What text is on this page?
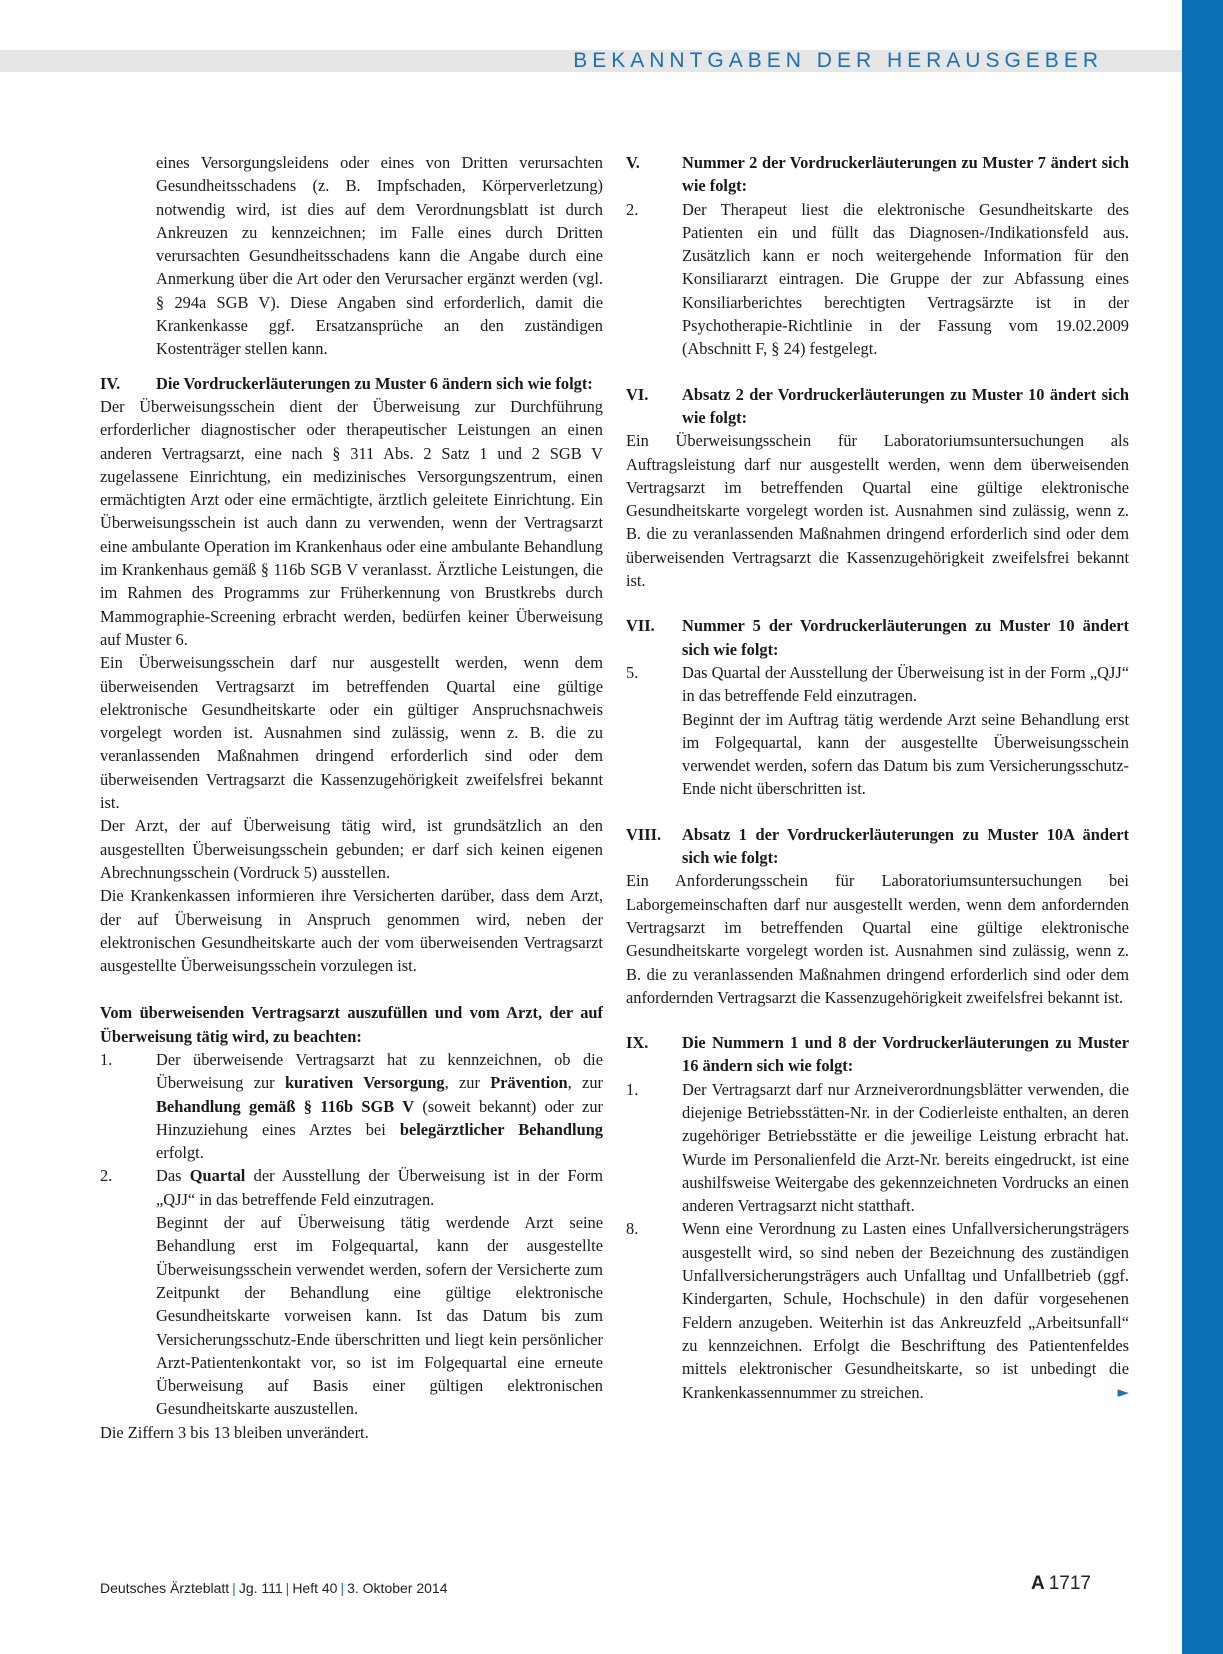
BEKANNTGABEN DER HERAUSGEBER

eines Versorgungsleidens oder eines von Dritten verursachten Gesundheitsschadens (z. B. Impfschaden, Körperverletzung) notwendig wird, ist dies auf dem Verordnungsblatt ist durch Ankreuzen zu kennzeichnen; im Falle eines durch Dritten verursachten Gesundheitsschadens kann die Angabe durch eine Anmerkung über die Art oder den Verursacher ergänzt werden (vgl. § 294a SGB V). Diese Angaben sind erforderlich, damit die Krankenkasse ggf. Ersatzansprüche an den zuständigen Kostenträger stellen kann.

IV. Die Vordruckerläuterungen zu Muster 6 ändern sich wie folgt:

Der Überweisungsschein dient der Überweisung zur Durchführung erforderlicher diagnostischer oder therapeutischer Leistungen an einen anderen Vertragsarzt, eine nach § 311 Abs. 2 Satz 1 und 2 SGB V zugelassene Einrichtung, ein medizinisches Versorgungszentrum, einen ermächtigten Arzt oder eine ermächtigte, ärztlich geleitete Einrichtung. Ein Überweisungsschein ist auch dann zu verwenden, wenn der Vertragsarzt eine ambulante Operation im Krankenhaus oder eine ambulante Behandlung im Krankenhaus gemäß § 116b SGB V veranlasst. Ärztliche Leistungen, die im Rahmen des Programms zur Früherkennung von Brustkrebs durch Mammographie-Screening erbracht werden, bedürfen keiner Überweisung auf Muster 6.

Ein Überweisungsschein darf nur ausgestellt werden, wenn dem überweisenden Vertragsarzt im betreffenden Quartal eine gültige elektronische Gesundheitskarte oder ein gültiger Anspruchsnachweis vorgelegt worden ist. Ausnahmen sind zulässig, wenn z. B. die zu veranlassenden Maßnahmen dringend erforderlich sind oder dem überweisenden Vertragsarzt die Kassenzugehörigkeit zweifelsfrei bekannt ist.

Der Arzt, der auf Überweisung tätig wird, ist grundsätzlich an den ausgestellten Überweisungsschein gebunden; er darf sich keinen eigenen Abrechnungsschein (Vordruck 5) ausstellen.

Die Krankenkassen informieren ihre Versicherten darüber, dass dem Arzt, der auf Überweisung in Anspruch genommen wird, neben der elektronischen Gesundheitskarte auch der vom überweisenden Vertragsarzt ausgestellte Überweisungsschein vorzulegen ist.

Vom überweisenden Vertragsarzt auszufüllen und vom Arzt, der auf Überweisung tätig wird, zu beachten:

1.	Der überweisende Vertragsarzt hat zu kennzeichnen, ob die Überweisung zur kurativen Versorgung, zur Prävention, zur Behandlung gemäß § 116b SGB V (soweit bekannt) oder zur Hinzuziehung eines Arztes bei belegärztlicher Behandlung erfolgt.

2.	Das Quartal der Ausstellung der Überweisung ist in der Form „QJJ“ in das betreffende Feld einzutragen.

Beginnt der auf Überweisung tätig werdende Arzt seine Behandlung erst im Folgequartal, kann der ausgestellte Überweisungsschein verwendet werden, sofern der Versicherte zum Zeitpunkt der Behandlung eine gültige elektronische Gesundheitskarte vorweisen kann. Ist das Datum bis zum Versicherungsschutz-Ende überschritten und liegt kein persönlicher Arzt-Patientenkontakt vor, so ist im Folgequartal eine erneute Überweisung auf Basis einer gültigen elektronischen Gesundheitskarte auszustellen.

Die Ziffern 3 bis 13 bleiben unverändert.

V.	Nummer 2 der Vordruckerläuterungen zu Muster 7 ändert sich wie folgt:
2.	Der Therapeut liest die elektronische Gesundheitskarte des Patienten ein und füllt das Diagnosen-/Indikationsfeld aus. Zusätzlich kann er noch weitergehende Information für den Konsiliararzt eintragen. Die Gruppe der zur Abfassung eines Konsiliarberichtes berechtigten Vertragsärzte ist in der Psychotherapie-Richtlinie in der Fassung vom 19.02.2009 (Abschnitt F, § 24) festgelegt.

VI. Absatz 2 der Vordruckerläuterungen zu Muster 10 ändert sich wie folgt:

Ein Überweisungsschein für Laboratoriumsuntersuchungen als Auftragsleistung darf nur ausgestellt werden, wenn dem überweisenden Vertragsarzt im betreffenden Quartal eine gültige elektronische Gesundheitskarte vorgelegt worden ist. Ausnahmen sind zulässig, wenn z. B. die zu veranlassenden Maßnahmen dringend erforderlich sind oder dem überweisenden Vertragsarzt die Kassenzugehörigkeit zweifelsfrei bekannt ist.

VII. Nummer 5 der Vordruckerläuterungen zu Muster 10 ändert sich wie folgt:
5.	Das Quartal der Ausstellung der Überweisung ist in der Form „QJJ“ in das betreffende Feld einzutragen.

Beginnt der im Auftrag tätig werdende Arzt seine Behandlung erst im Folgequartal, kann der ausgestellte Überweisungsschein verwendet werden, sofern das Datum bis zum Versicherungsschutz-Ende nicht überschritten ist.

VIII. Absatz 1 der Vordruckerläuterungen zu Muster 10A ändert sich wie folgt:

Ein Anforderungsschein für Laboratoriumsuntersuchungen bei Laborgemeinschaften darf nur ausgestellt werden, wenn dem anfordernden Vertragsarzt im betreffenden Quartal eine gültige elektronische Gesundheitskarte vorgelegt worden ist. Ausnahmen sind zulässig, wenn z. B. die zu veranlassenden Maßnahmen dringend erforderlich sind oder dem anfordernden Vertragsarzt die Kassenzugehörigkeit zweifelsfrei bekannt ist.

IX. Die Nummern 1 und 8 der Vordruckerläuterungen zu Muster 16 ändern sich wie folgt:
1.	Der Vertragsarzt darf nur Arzneiverordnungsblätter verwenden, die diejenige Betriebsstätten-Nr. in der Codierleiste enthalten, an deren zugehöriger Betriebsstätte er die jeweilige Leistung erbracht hat. Wurde im Personalienfeld die Arzt-Nr. bereits eingedruckt, ist eine aushilfsweise Weitergabe des gekennzeichneten Vordrucks an einen anderen Vertragsarzt nicht statthaft.

8.	Wenn eine Verordnung zu Lasten eines Unfallversicherungsträgers ausgestellt wird, so sind neben der Bezeichnung des zuständigen Unfallversicherungsträgers auch Unfalltag und Unfallbetrieb (ggf. Kindergarten, Schule, Hochschule) in den dafür vorgesehenen Feldern anzugeben. Weiterhin ist das Ankreuzfeld „Arbeitsunfall“ zu kennzeichnen. Erfolgt die Beschriftung des Patientenfeldes mittels elektronischer Gesundheitskarte, so ist unbedingt die Krankenkassennummer zu streichen.	►

Deutsches Ärzteblatt | Jg. 111 | Heft 40 | 3. Oktober 2014	A 1717
